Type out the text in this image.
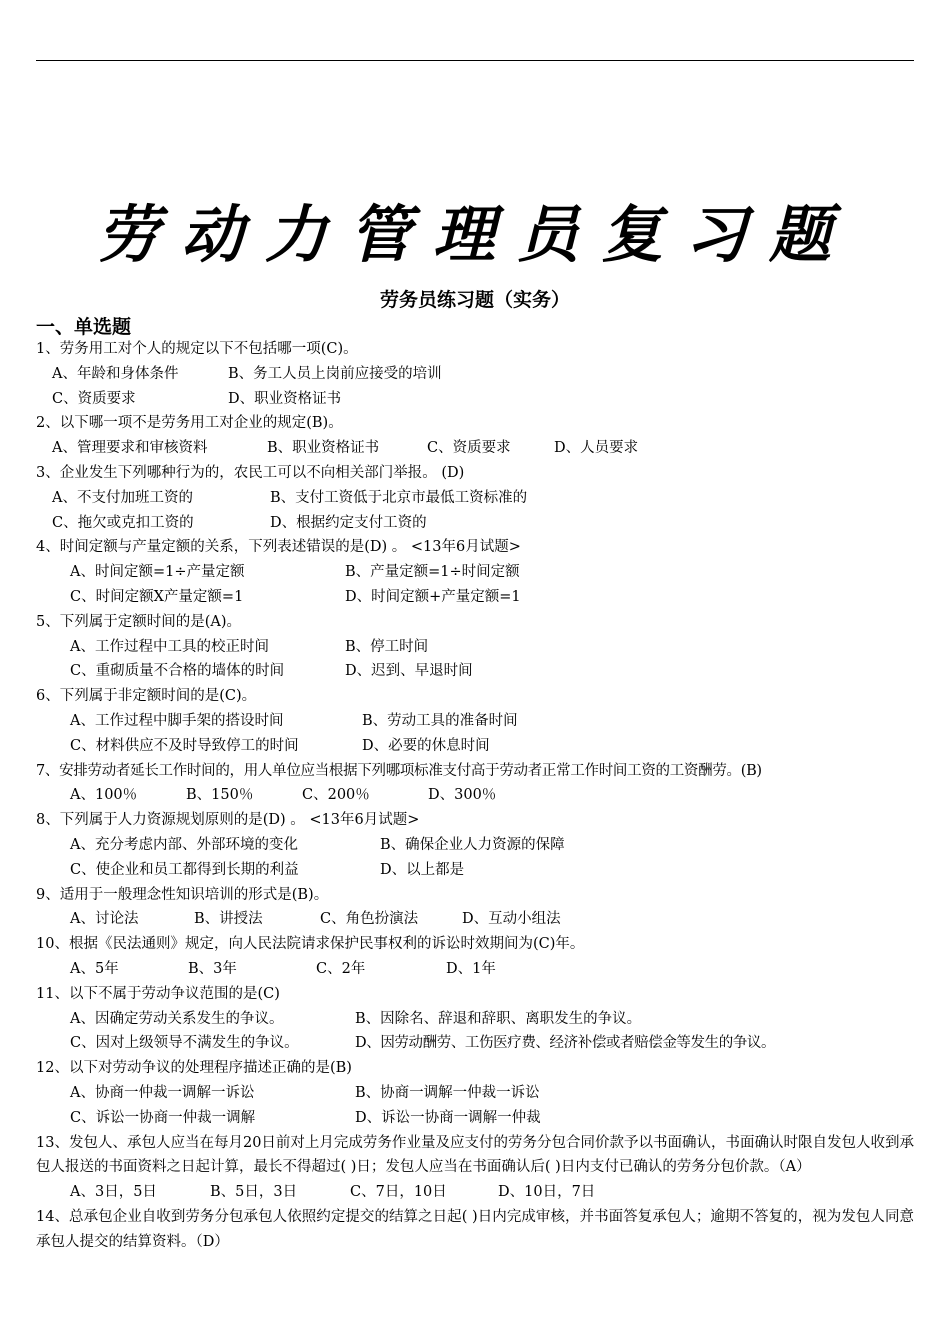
劳动力管理员复习题
劳务员练习题（实务）
一、单选题
1、劳务用工对个人的规定以下不包括哪一项(C)。
A、年龄和身体条件	B、务工人员上岗前应接受的培训
C、资质要求	D、职业资格证书
2、以下哪一项不是劳务用工对企业的规定(B)。
A、管理要求和审核资料	B、职业资格证书	C、资质要求	D、人员要求
3、企业发生下列哪种行为的，农民工可以不向相关部门举报。 (D)
A、不支付加班工资的	B、支付工资低于北京市最低工资标准的
C、拖欠或克扣工资的	D、根据约定支付工资的
4、时间定额与产量定额的关系，下列表述错误的是(D) 。 <13年6月试题>
A、时间定额=1÷产量定额	B、产量定额=1÷时间定额
C、时间定额X产量定额=1	D、时间定额+产量定额=1
5、下列属于定额时间的是(A)。
A、工作过程中工具的校正时间	B、停工时间
C、重砌质量不合格的墙体的时间	D、迟到、早退时间
6、下列属于非定额时间的是(C)。
A、工作过程中脚手架的搭设时间	B、劳动工具的准备时间
C、材料供应不及时导致停工的时间	D、必要的休息时间
7、安排劳动者延长工作时间的，用人单位应当根据下列哪项标准支付高于劳动者正常工作时间工资的工资酬劳。(B)
A、100％	B、150％	C、200％	D、300％
8、下列属于人力资源规划原则的是(D) 。 <13年6月试题>
A、充分考虑内部、外部环境的变化	B、确保企业人力资源的保障
C、使企业和员工都得到长期的利益	D、以上都是
9、适用于一般理念性知识培训的形式是(B)。
A、讨论法	B、讲授法	C、角色扮演法	D、互动小组法
10、根据《民法通则》规定，向人民法院请求保护民事权利的诉讼时效期间为(C)年。
A、5年	B、3年	C、2年	D、1年
11、以下不属于劳动争议范围的是(C)
A、因确定劳动关系发生的争议。	B、因除名、辞退和辞职、离职发生的争议。
C、因对上级领导不满发生的争议。	D、因劳动酬劳、工伤医疗费、经济补偿或者赔偿金等发生的争议。
12、以下对劳动争议的处理程序描述正确的是(B)
A、协商一仲裁一调解一诉讼	B、协商一调解一仲裁一诉讼
C、诉讼一协商一仲裁一调解	D、诉讼一协商一调解一仲裁
13、发包人、承包人应当在每月20日前对上月完成劳务作业量及应支付的劳务分包合同价款予以书面确认，书面确认时限自发包人收到承包人报送的书面资料之日起计算，最长不得超过( )日；发包人应当在书面确认后( )日内支付已确认的劳务分包价款。（A）
A、3日，5日	B、5日，3日	C、7日，10日	D、10日，7日
14、总承包企业自收到劳务分包承包人依照约定提交的结算之日起( )日内完成审核，并书面答复承包人；逾期不答复的，视为发包人同意承包人提交的结算资料。（D）
